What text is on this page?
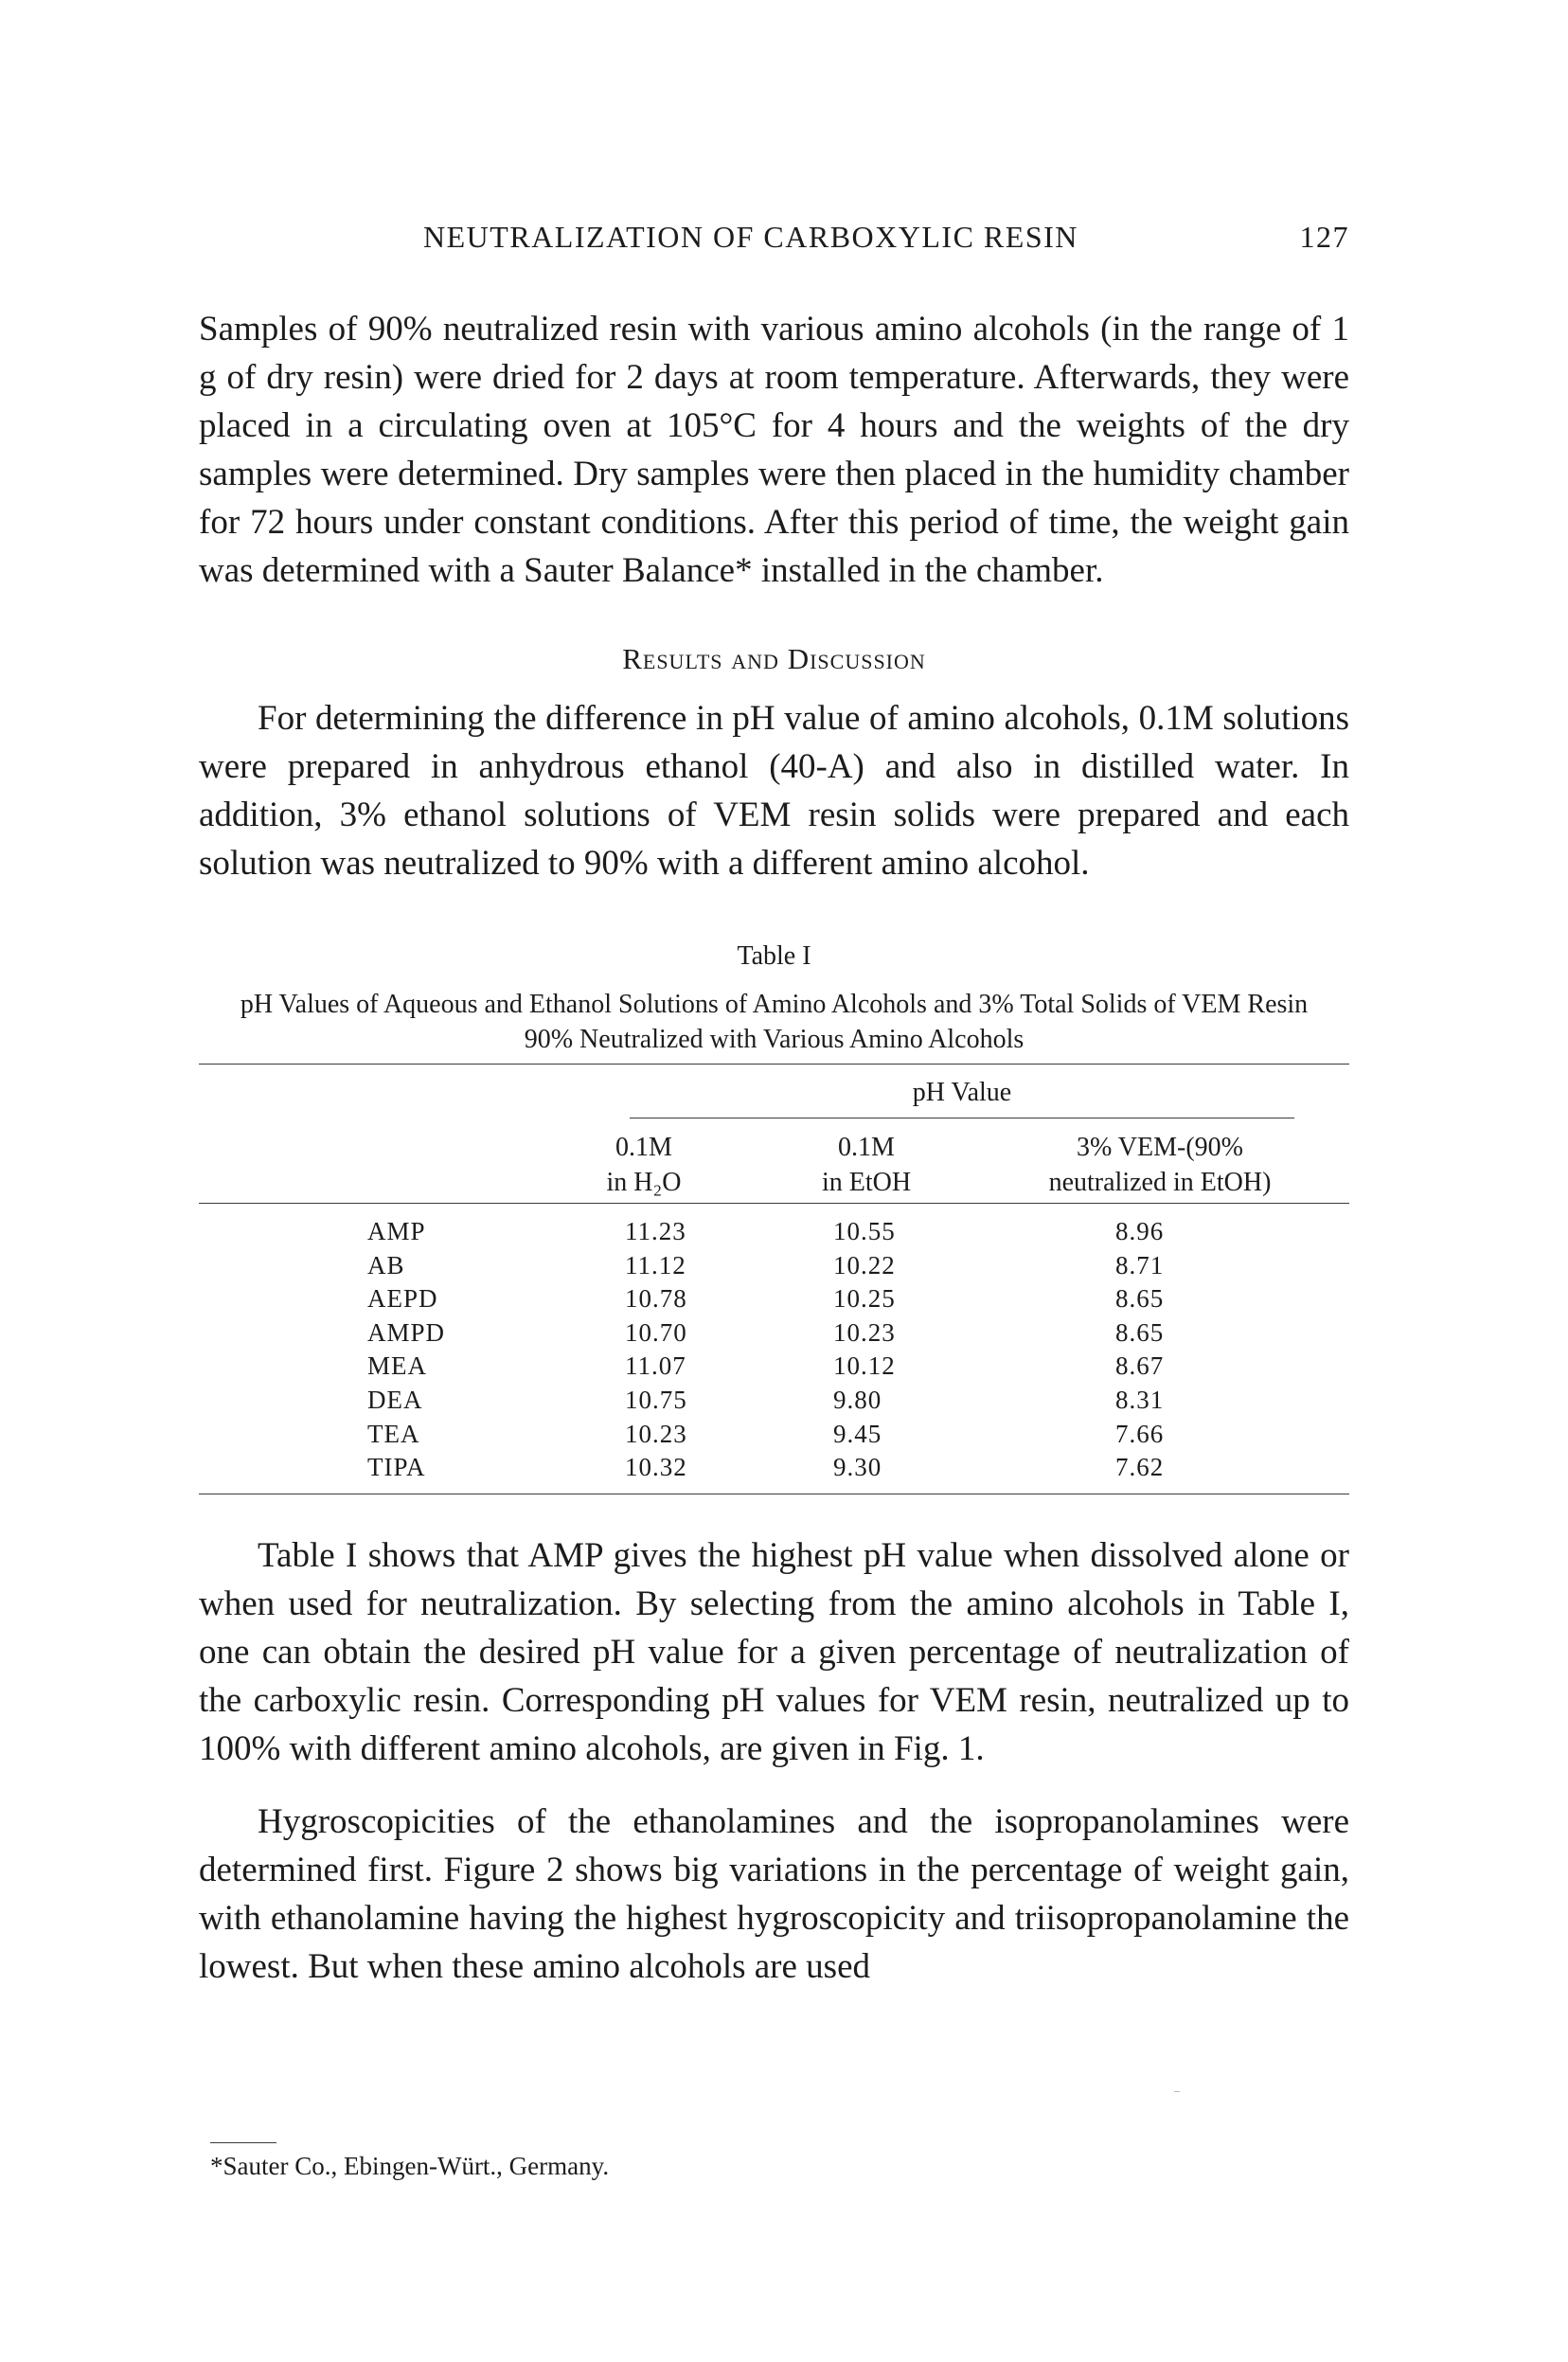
NEUTRALIZATION OF CARBOXYLIC RESIN	127
Samples of 90% neutralized resin with various amino alcohols (in the range of 1 g of dry resin) were dried for 2 days at room temperature. Afterwards, they were placed in a circulating oven at 105°C for 4 hours and the weights of the dry samples were determined. Dry samples were then placed in the humidity chamber for 72 hours under constant conditions. After this period of time, the weight gain was determined with a Sauter Balance* installed in the chamber.
Results and Discussion
For determining the difference in pH value of amino alcohols, 0.1M solutions were prepared in anhydrous ethanol (40-A) and also in distilled water. In addition, 3% ethanol solutions of VEM resin solids were prepared and each solution was neutralized to 90% with a different amino alcohol.
Table I
pH Values of Aqueous and Ethanol Solutions of Amino Alcohols and 3% Total Solids of VEM Resin 90% Neutralized with Various Amino Alcohols
pH Value
0.1M
in H₂O
0.1M
in EtOH
3% VEM-(90%
neutralized in EtOH)
AMP	11.23	10.55	8.96
AB	11.12	10.22	8.71
AEPD	10.78	10.25	8.65
AMPD	10.70	10.23	8.65
MEA	11.07	10.12	8.67
DEA	10.75	9.80	8.31
TEA	10.23	9.45	7.66
TIPA	10.32	9.30	7.62
Table I shows that AMP gives the highest pH value when dissolved alone or when used for neutralization. By selecting from the amino alcohols in Table I, one can obtain the desired pH value for a given percentage of neutralization of the carboxylic resin. Corresponding pH values for VEM resin, neutralized up to 100% with different amino alcohols, are given in Fig. 1.
Hygroscopicities of the ethanolamines and the isopropanolamines were determined first. Figure 2 shows big variations in the percentage of weight gain, with ethanolamine having the highest hygroscopicity and triisopropanolamine the lowest. But when these amino alcohols are used
*Sauter Co., Ebingen-Würt., Germany.
